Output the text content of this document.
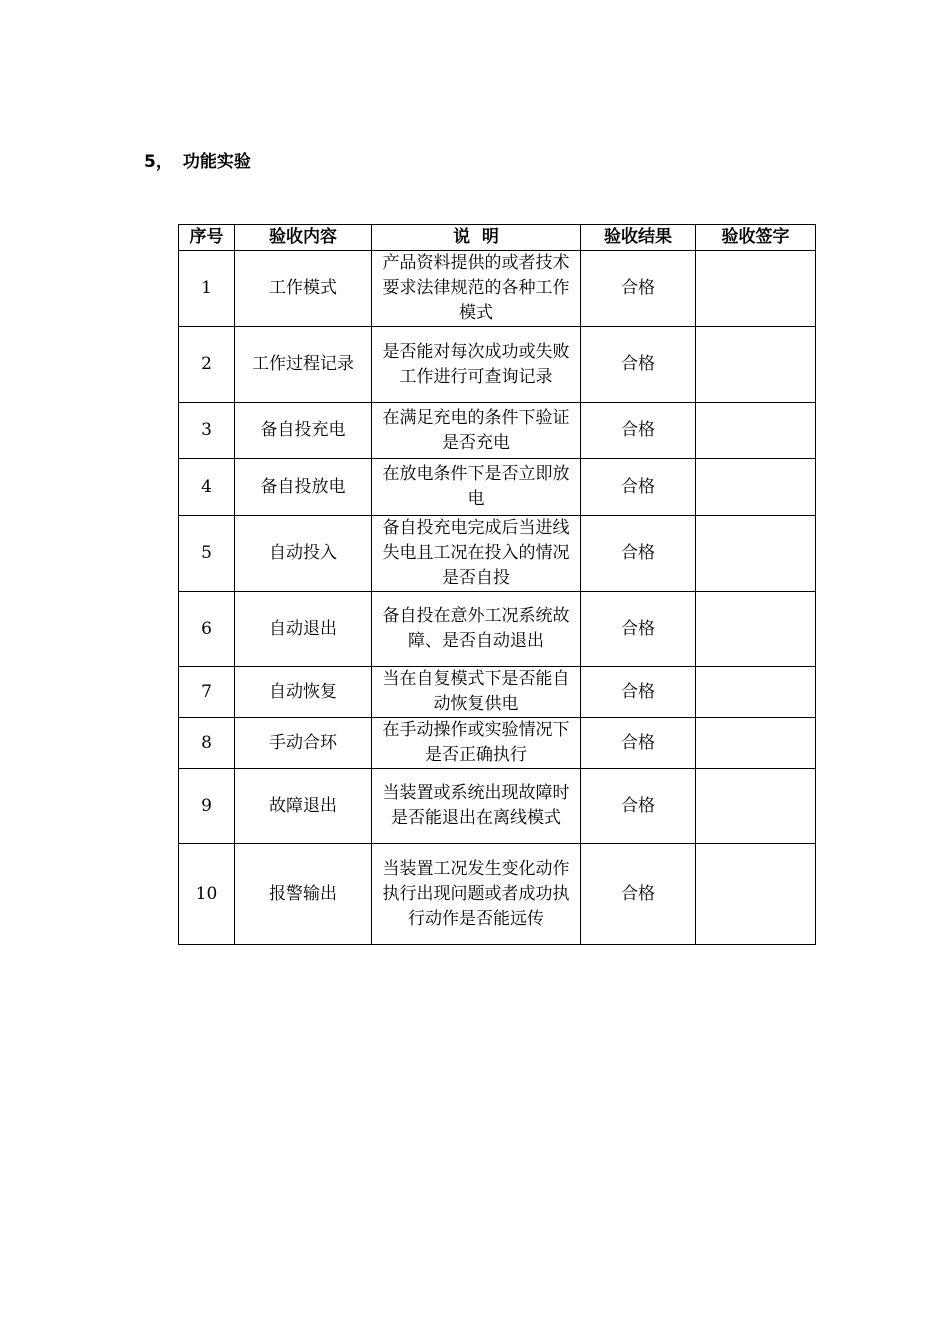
5， 功能实验
序号	验收内容	说  明	验收结果	验收签字
1	工作模式	产品资料提供的或者技术要求法律规范的各种工作模式	合格	
2	工作过程记录	是否能对每次成功或失败工作进行可查询记录	合格	
3	备自投充电	在满足充电的条件下验证是否充电	合格	
4	备自投放电	在放电条件下是否立即放电	合格	
5	自动投入	备自投充电完成后当进线失电且工况在投入的情况是否自投	合格	
6	自动退出	备自投在意外工况系统故障、是否自动退出	合格	
7	自动恢复	当在自复模式下是否能自动恢复供电	合格	
8	手动合环	在手动操作或实验情况下是否正确执行	合格	
9	故障退出	当装置或系统出现故障时是否能退出在离线模式	合格	
10	报警输出	当装置工况发生变化动作执行出现问题或者成功执行动作是否能远传	合格	
